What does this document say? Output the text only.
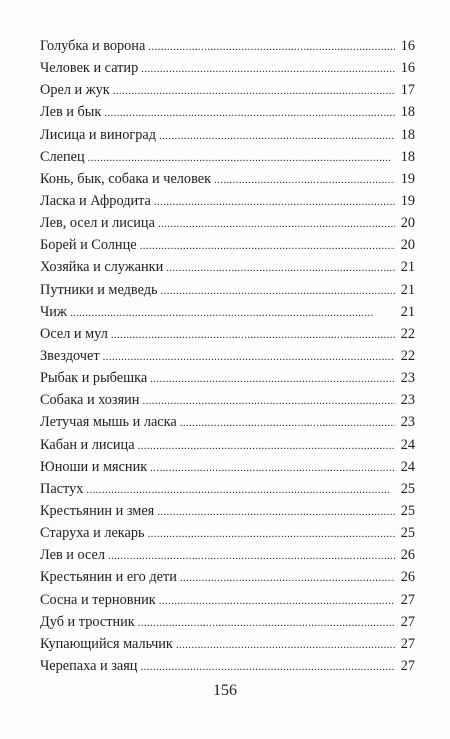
Голубка и ворона . . .	16
Человек и сатир . . .	16
Орел и жук . . .	17
Лев и бык . . .	18
Лисица и виноград . . .	18
Слепец . . .	18
Конь, бык, собака и человек . . .	19
Ласка и Афродита . . .	19
Лев, осел и лисица . . .	20
Борей и Солнце . . .	20
Хозяйка и служанки . . .	21
Путники и медведь . . .	21
Чиж . . .	21
Осел и мул . . .	22
Звездочет . . .	22
Рыбак и рыбешка . . .	23
Собака и хозяин . . .	23
Летучая мышь и ласка . . .	23
Кабан и лисица . . .	24
Юноши и мясник . . .	24
Пастух . . .	25
Крестьянин и змея . . .	25
Старуха и лекарь . . .	25
Лев и осел . . .	26
Крестьянин и его дети . . .	26
Сосна и терновник . . .	27
Дуб и тростник . . .	27
Купающийся мальчик . . .	27
Черепаха и заяц . . .	27
156
